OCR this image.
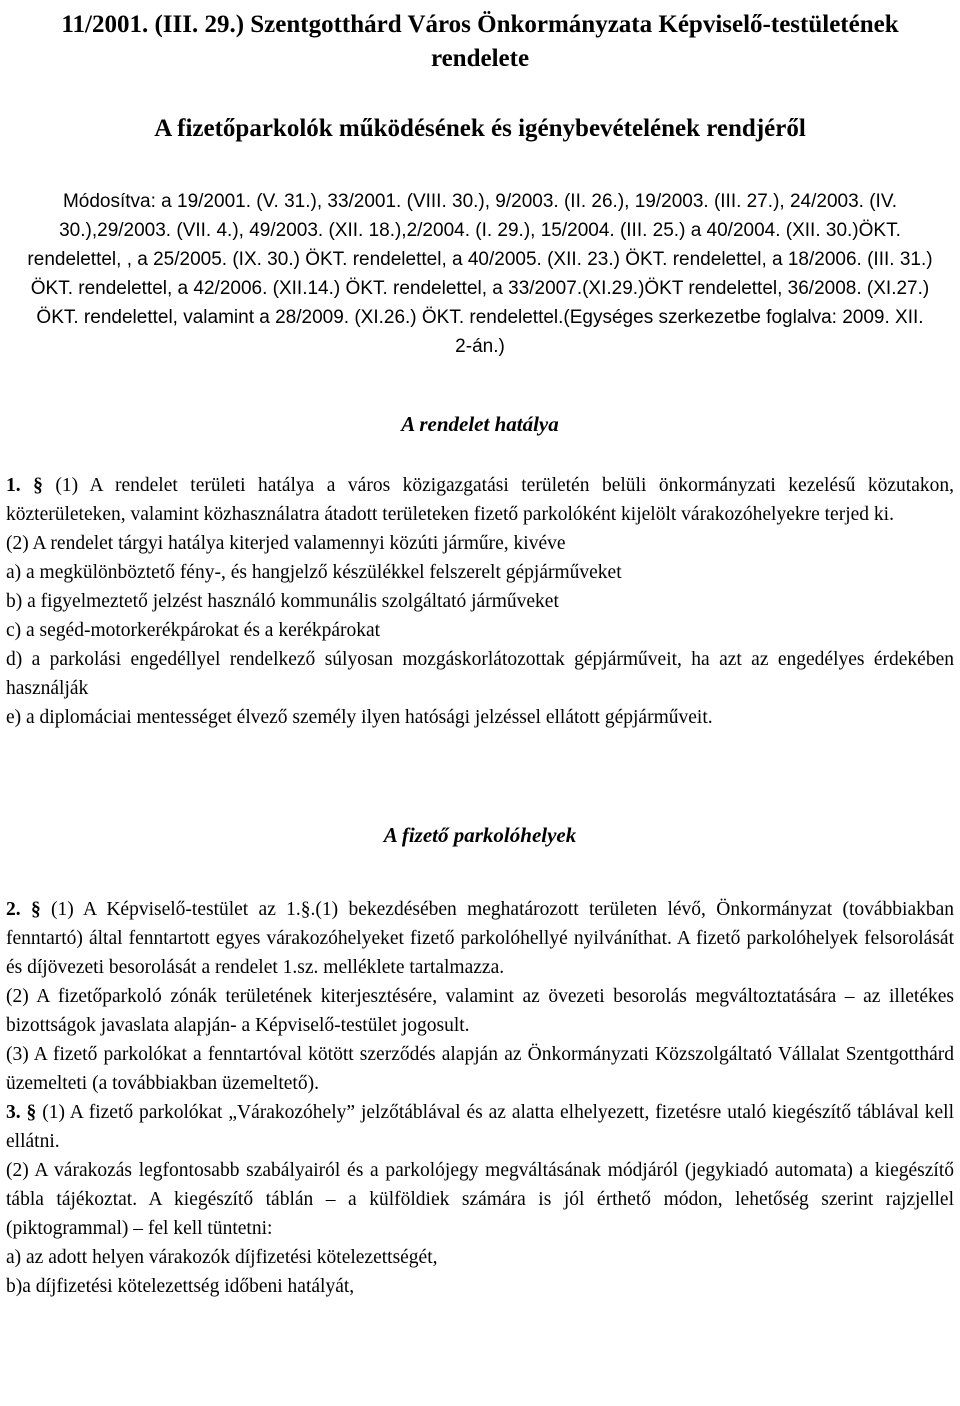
11/2001. (III. 29.) Szentgotthárd Város Önkormányzata Képviselő-testületének rendelete
A fizetőparkolók működésének és igénybevételének rendjéről

Módosítva: a 19/2001. (V. 31.), 33/2001. (VIII. 30.), 9/2003. (II. 26.), 19/2003. (III. 27.), 24/2003. (IV. 30.),29/2003. (VII. 4.), 49/2003. (XII. 18.),2/2004. (I. 29.), 15/2004. (III. 25.) a 40/2004. (XII. 30.)ÖKT. rendelettel, , a 25/2005. (IX. 30.) ÖKT. rendelettel, a 40/2005. (XII. 23.) ÖKT. rendelettel, a 18/2006. (III. 31.) ÖKT. rendelettel, a 42/2006. (XII.14.) ÖKT. rendelettel, a 33/2007.(XI.29.)ÖKT rendelettel, 36/2008. (XI.27.) ÖKT. rendelettel, valamint a 28/2009. (XI.26.) ÖKT. rendelettel.(Egységes szerkezetbe foglalva: 2009. XII. 2-án.)

A rendelet hatálya

1. § (1) A rendelet területi hatálya a város közigazgatási területén belüli önkormányzati kezelésű közutakon, közterületeken, valamint közhasználatra átadott területeken fizető parkolóként kijelölt várakozóhelyekre terjed ki.

(2) A rendelet tárgyi hatálya kiterjed valamennyi közúti járműre, kivéve

a) a megkülönböztető fény-, és hangjelző készülékkel felszerelt gépjárműveket

b) a figyelmeztető jelzést használó kommunális szolgáltató járműveket

c) a segéd-motorkerékpárokat és a kerékpárokat

d) a parkolási engedéllyel rendelkező súlyosan mozgáskorlátozottak gépjárműveit, ha azt az engedélyes érdekében használják

e) a diplomáciai mentességet élvező személy ilyen hatósági jelzéssel ellátott gépjárműveit.

A fizető parkolóhelyek

2. § (1) A Képviselő-testület az 1.§.(1) bekezdésében meghatározott területen lévő, Önkormányzat (továbbiakban fenntartó) által fenntartott egyes várakozóhelyeket fizető parkolóhellyé nyilváníthat. A fizető parkolóhelyek felsorolását és díjövezeti besorolását a rendelet 1.sz. melléklete tartalmazza.

(2) A fizetőparkoló zónák területének kiterjesztésére, valamint az övezeti besorolás megváltoztatására – az illetékes bizottságok javaslata alapján- a Képviselő-testület jogosult.

(3) A fizető parkolókat a fenntartóval kötött szerződés alapján az Önkormányzati Közszolgáltató Vállalat Szentgotthárd üzemelteti (a továbbiakban üzemeltető).

3. § (1) A fizető parkolókat „Várakozóhely” jelzőtáblával és az alatta elhelyezett, fizetésre utaló kiegészítő táblával kell ellátni.

(2) A várakozás legfontosabb szabályairól és a parkolójegy megváltásának módjáról (jegykiadó automata) a kiegészítő tábla tájékoztat. A kiegészítő táblán – a külföldiek számára is jól érthető módon, lehetőség szerint rajzjellel (piktogrammal) – fel kell tüntetni:

a) az adott helyen várakozók díjfizetési kötelezettségét,

b)a díjfizetési kötelezettség időbeni hatályát,
